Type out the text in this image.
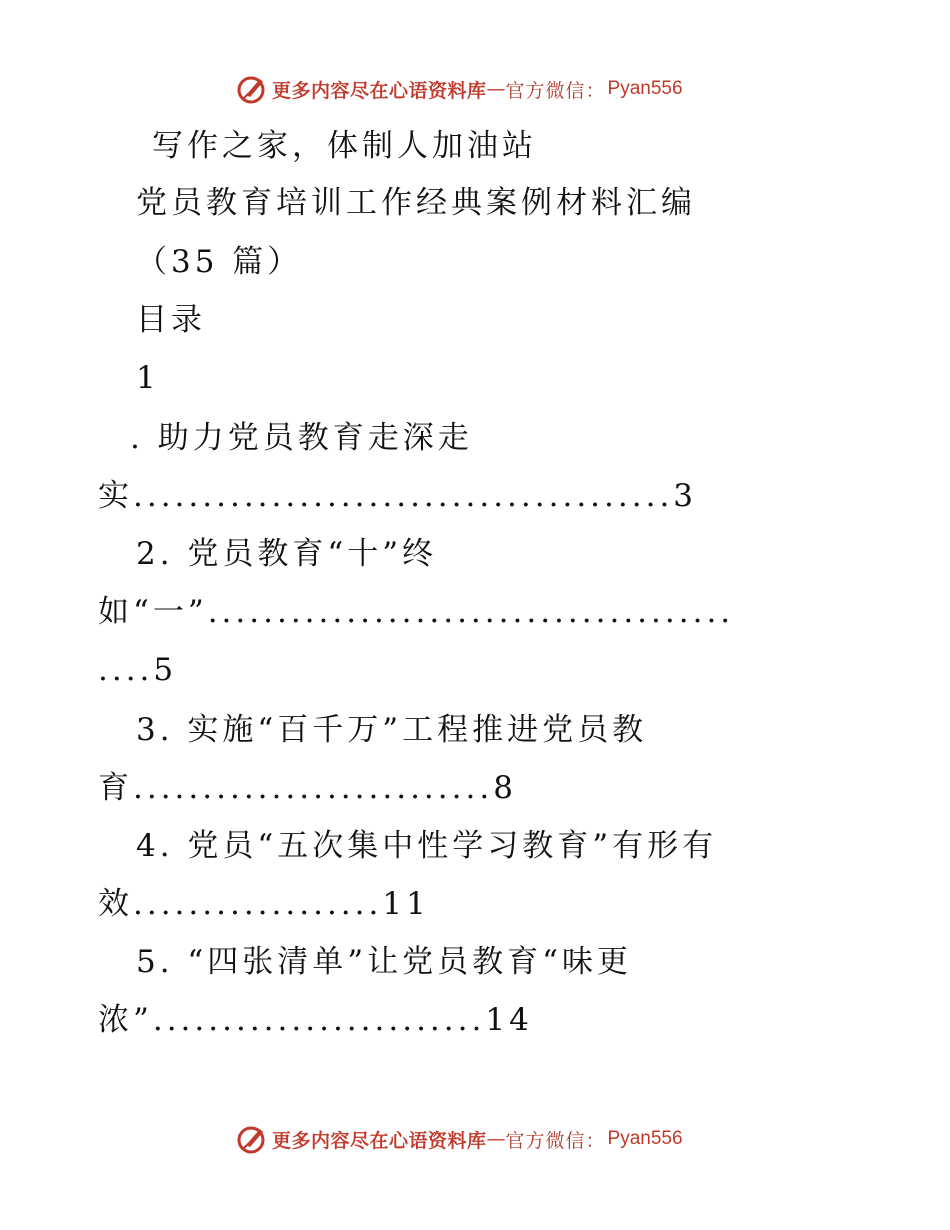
更多内容尽在心语资料库 — 官方微信： Pyan556
写作之家，体制人加油站
党员教育培训工作经典案例材料汇编
（35 篇）
目录
1
. 助力党员教育走深走
实.......................................3
2. 党员教育“十”终
如“一”......................................
....5
3. 实施“百千万”工程推进党员教
育..........................8
4. 党员“五次集中性学习教育”有形有
效..................11
5. “四张清单”让党员教育“味更
浓”........................14
更多内容尽在心语资料库 — 官方微信： Pyan556
